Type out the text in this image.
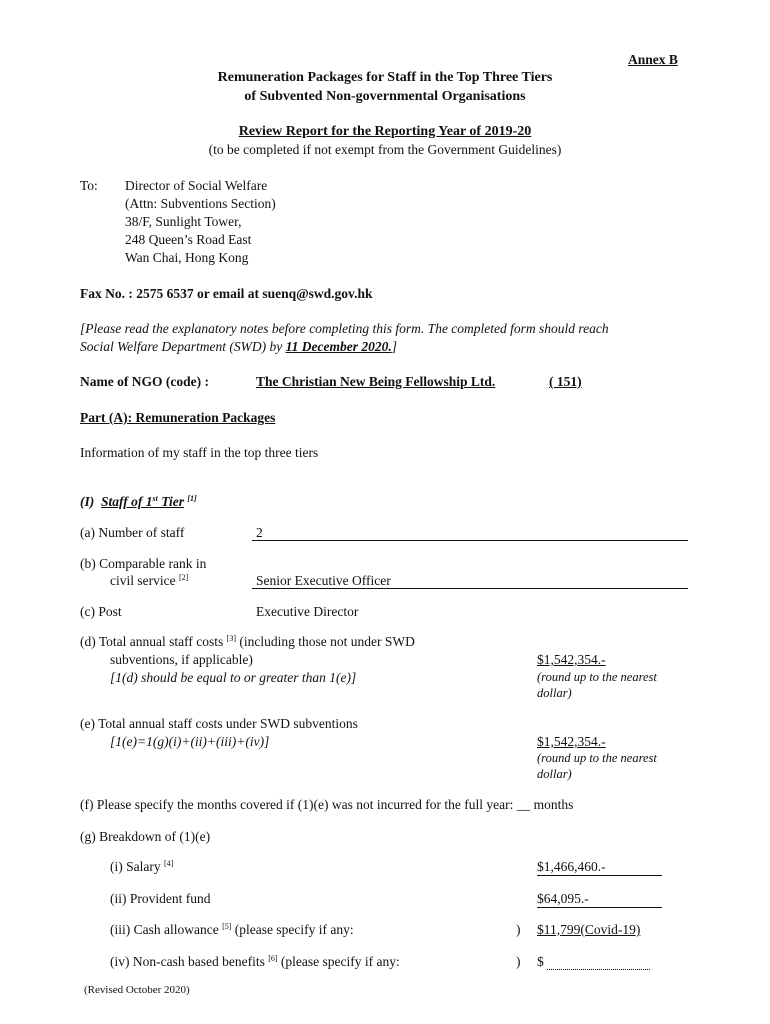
Annex B
Remuneration Packages for Staff in the Top Three Tiers
of Subvented Non-governmental Organisations
Review Report for the Reporting Year of 2019-20
(to be completed if not exempt from the Government Guidelines)
To: Director of Social Welfare
(Attn: Subventions Section)
38/F, Sunlight Tower,
248 Queen’s Road East
Wan Chai, Hong Kong
Fax No. : 2575 6537 or email at suenq@swd.gov.hk
[Please read the explanatory notes before completing this form. The completed form should reach
Social Welfare Department (SWD) by 11 December 2020.]
Name of NGO (code) :	The Christian New Being Fellowship Ltd.	( 151)
Part (A): Remuneration Packages
Information of my staff in the top three tiers
(I) Staff of 1st Tier [1]
(a) Number of staff	2
(b) Comparable rank in
civil service [2]	Senior Executive Officer
(c) Post	Executive Director
(d) Total annual staff costs [3] (including those not under SWD
subventions, if applicable)
[1(d) should be equal to or greater than 1(e)]
$1,542,354.-
(round up to the nearest
dollar)
(e) Total annual staff costs under SWD subventions
[1(e)=1(g)(i)+(ii)+(iii)+(iv)]	$1,542,354.-
(round up to the nearest
dollar)
(f) Please specify the months covered if (1)(e) was not incurred for the full year: __ months
(g) Breakdown of (1)(e)
(i) Salary [4]	$1,466,460.-
(ii) Provident fund	$64,095.-
(iii) Cash allowance [5] (please specify if any:	) $11,799(Covid-19)
(iv) Non-cash based benefits [6] (please specify if any:	) $
(Revised October 2020)
